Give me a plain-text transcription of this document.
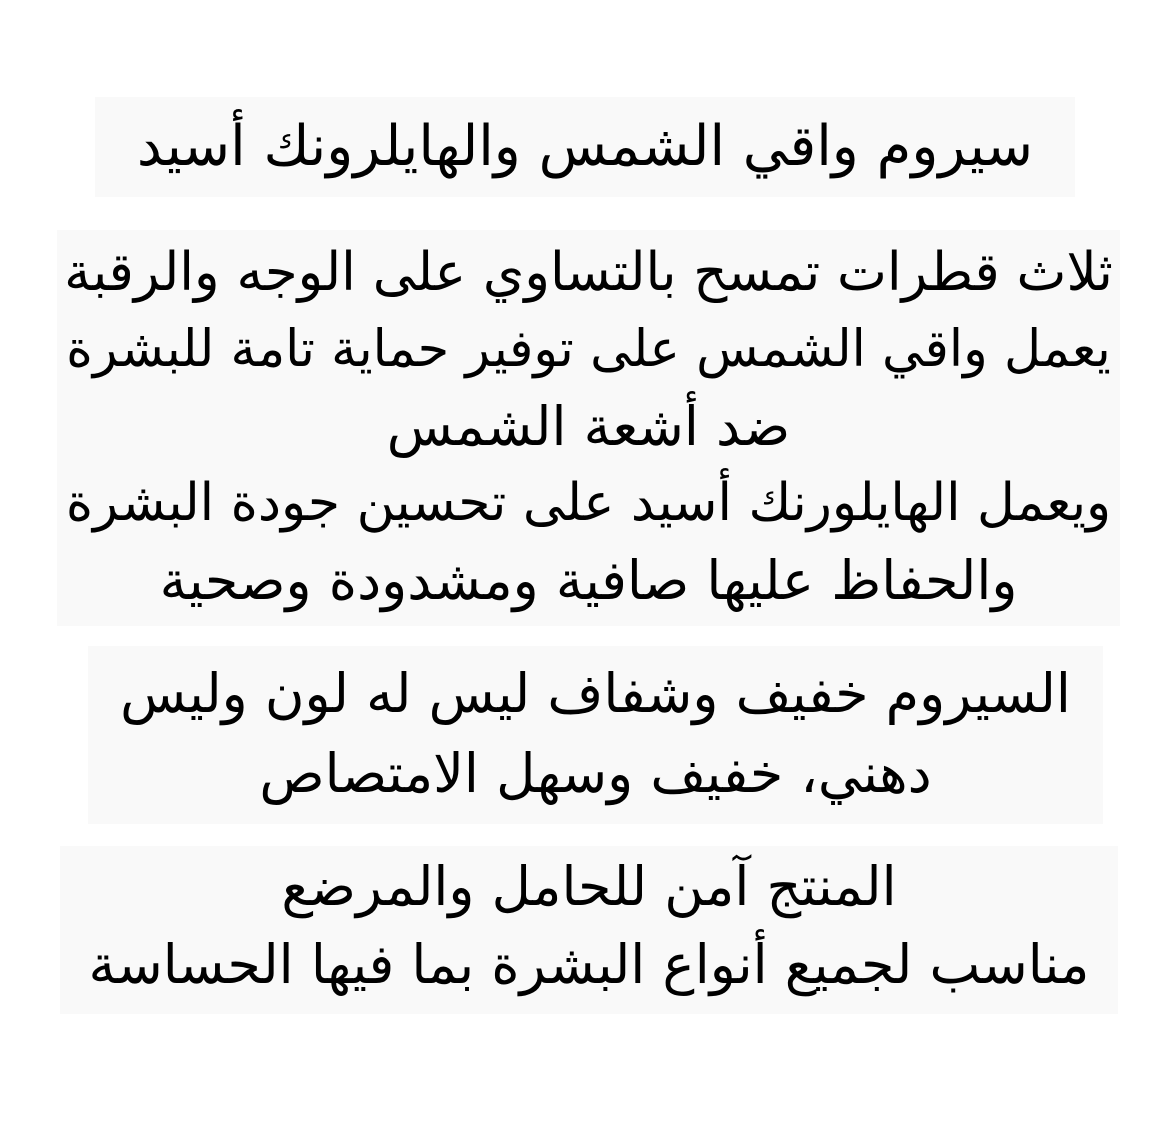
سيروم واقي الشمس والهايلرونك أسيد
ثلاث قطرات تمسح بالتساوي على الوجه والرقبة
يعمل واقي الشمس على توفير حماية تامة للبشرة
ضد أشعة الشمس
ويعمل الهايلورنك أسيد على تحسين جودة البشرة
والحفاظ عليها صافية ومشدودة وصحية
السيروم خفيف وشفاف ليس له لون وليس
دهني، خفيف وسهل الامتصاص
المنتج آمن للحامل والمرضع
مناسب لجميع أنواع البشرة بما فيها الحساسة
